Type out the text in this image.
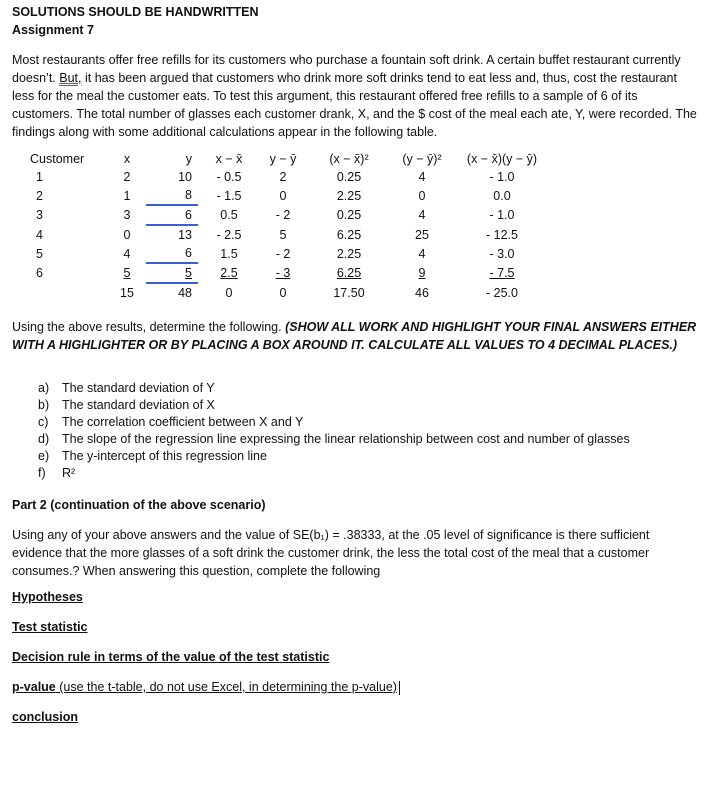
SOLUTIONS SHOULD BE HANDWRITTEN
Assignment 7
Most restaurants offer free refills for its customers who purchase a fountain soft drink. A certain buffet restaurant currently doesn’t. But, it has been argued that customers who drink more soft drinks tend to eat less and, thus, cost the restaurant less for the meal the customer eats. To test this argument, this restaurant offered free refills to a sample of 6 of its customers. The total number of glasses each customer drank, X, and the $ cost of the meal each ate, Y, were recorded. The findings along with some additional calculations appear in the following table.
Customer	x	y	x − x̄	y − ȳ	(x − x̄)²	(y − ȳ)²	(x − x̄)(y − ȳ)
1	2	10	- 0.5	2	0.25	4	- 1.0
2	1	8	- 1.5	0	2.25	0	0.0
3	3	6	0.5	- 2	0.25	4	- 1.0
4	0	13	- 2.5	5	6.25	25	- 12.5
5	4	6	1.5	- 2	2.25	4	- 3.0
6	5	5	2.5	- 3	6.25	9	- 7.5
	15	48	0	0	17.50	46	- 25.0
Using the above results, determine the following. (SHOW ALL WORK AND HIGHLIGHT YOUR FINAL ANSWERS EITHER WITH A HIGHLIGHTER OR BY PLACING A BOX AROUND IT. CALCULATE ALL VALUES TO 4 DECIMAL PLACES.)
a) The standard deviation of Y
b) The standard deviation of X
c) The correlation coefficient between X and Y
d) The slope of the regression line expressing the linear relationship between cost and number of glasses
e) The y-intercept of this regression line
f) R²
Part 2 (continuation of the above scenario)
Using any of your above answers and the value of SE(b₁) = .38333, at the .05 level of significance is there sufficient evidence that the more glasses of a soft drink the customer drink, the less the total cost of the meal that a customer consumes.? When answering this question, complete the following
Hypotheses
Test statistic
Decision rule in terms of the value of the test statistic
p-value (use the t-table, do not use Excel, in determining the p-value)
conclusion
